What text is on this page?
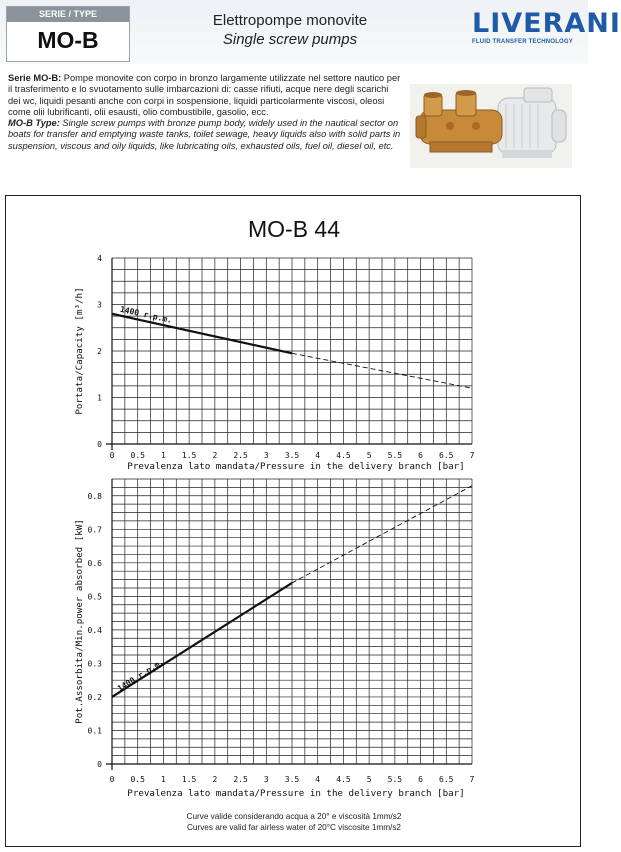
SERIE / TYPE
MO-B
Elettropompe monovite
Single screw pumps
LIVERANI
FLUID TRANSFER TECHNOLOGY
Serie MO-B: Pompe monovite con corpo in bronzo largamente utilizzate nel settore nautico per il trasferimento e lo svuotamento sulle imbarcazioni di: casse rifiuti, acque nere degli scarichi dei wc, liquidi pesanti anche con corpi in sospensione, liquidi particolarmente viscosi, oleosi come olii lubrificanti, olii esausti, olio combustibile, gasolio, ecc.
MO-B Type: Single screw pumps with bronze pump body, widely used in the nautical sector on boats for transfer and emptying waste tanks, toilet sewage, heavy liquids also with solid parts in suspension, viscous and oily liquids, like lubricating oils, exhausted oils, fuel oil, diesel oil, etc.
MO-B 44
0 0.5 1 1.5 2 2.5 3 3.5 4 4.5 5 5.5 6 6.5 7
0
1
2
3
4
Prevalenza lato mandata/Pressure in the delivery branch [bar]
Portata/Capacity [m³/h]	1400 r.p.m.
0 0.5 1 1.5 2 2.5 3 3.5 4 4.5 5 5.5 6 6.5 7
0
0.1
0.2
0.3
0.4
0.5
0.6
0.7
0.8
Prevalenza lato mandata/Pressure in the delivery branch [bar]
Pot.Assorbita/Min.power absorbed [kW]	1400 r.p.m.
Curve valide considerando acqua a 20° e viscosità 1mm/s2
Curves are valid far airless water of 20°C viscosite 1mm/s2
